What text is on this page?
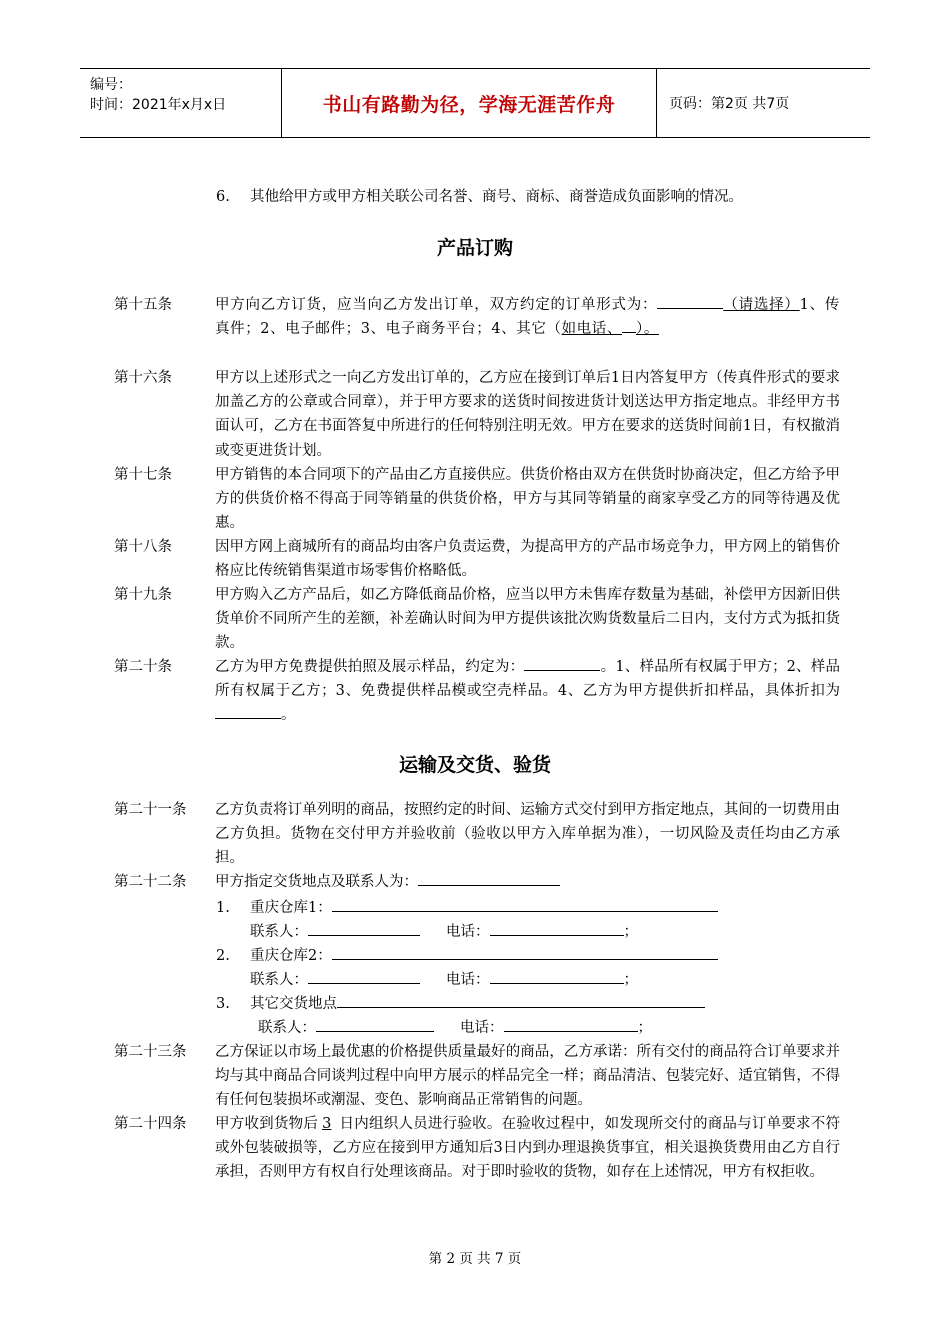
编号：
时间：2021年x月x日	书山有路勤为径，学海无涯苦作舟	页码：第2页 共7页
6. 其他给甲方或甲方相关联公司名誉、商号、商标、商誉造成负面影响的情况。
产品订购
第十五条	甲方向乙方订货，应当向乙方发出订单，双方约定的订单形式为：	（请选择）1、传真件；2、电子邮件；3、电子商务平台；4、其它（如电话、 ）。
第十六条	甲方以上述形式之一向乙方发出订单的，乙方应在接到订单后1日内答复甲方（传真件形式的要求加盖乙方的公章或合同章），并于甲方要求的送货时间按进货计划送达甲方指定地点。非经甲方书面认可，乙方在书面答复中所进行的任何特别注明无效。甲方在要求的送货时间前1日，有权撤消或变更进货计划。
第十七条	甲方销售的本合同项下的产品由乙方直接供应。供货价格由双方在供货时协商决定，但乙方给予甲方的供货价格不得高于同等销量的供货价格，甲方与其同等销量的商家享受乙方的同等待遇及优惠。
第十八条	因甲方网上商城所有的商品均由客户负责运费，为提高甲方的产品市场竞争力，甲方网上的销售价格应比传统销售渠道市场零售价格略低。
第十九条	甲方购入乙方产品后，如乙方降低商品价格，应当以甲方未售库存数量为基础，补偿甲方因新旧供货单价不同所产生的差额，补差确认时间为甲方提供该批次购货数量后二日内，支付方式为抵扣货款。
第二十条	乙方为甲方免费提供拍照及展示样品，约定为：	。1、样品所有权属于甲方；2、样品所有权属于乙方；3、免费提供样品模或空壳样品。4、乙方为甲方提供折扣样品，具体折扣为。
运输及交货、验货
第二十一条 乙方负责将订单列明的商品，按照约定的时间、运输方式交付到甲方指定地点，其间的一切费用由乙方负担。货物在交付甲方并验收前（验收以甲方入库单据为准），一切风险及责任均由乙方承担。
第二十二条 甲方指定交货地点及联系人为：
1. 重庆仓库1：
联系人：	电话：	；
2. 重庆仓库2：
联系人：	电话：	；
3. 其它交货地点
联系人：	电话：	；
第二十三条 乙方保证以市场上最优惠的价格提供质量最好的商品，乙方承诺：所有交付的商品符合订单要求并均与其中商品合同谈判过程中向甲方展示的样品完全一样；商品清洁、包装完好、适宜销售，不得有任何包装损坏或潮湿、变色、影响商品正常销售的问题。
第二十四条 甲方收到货物后 3 日内组织人员进行验收。在验收过程中，如发现所交付的商品与订单要求不符或外包装破损等，乙方应在接到甲方通知后3日内到办理退换货事宜，相关退换货费用由乙方自行承担，否则甲方有权自行处理该商品。对于即时验收的货物，如存在上述情况，甲方有权拒收。
第 2 页 共 7 页
